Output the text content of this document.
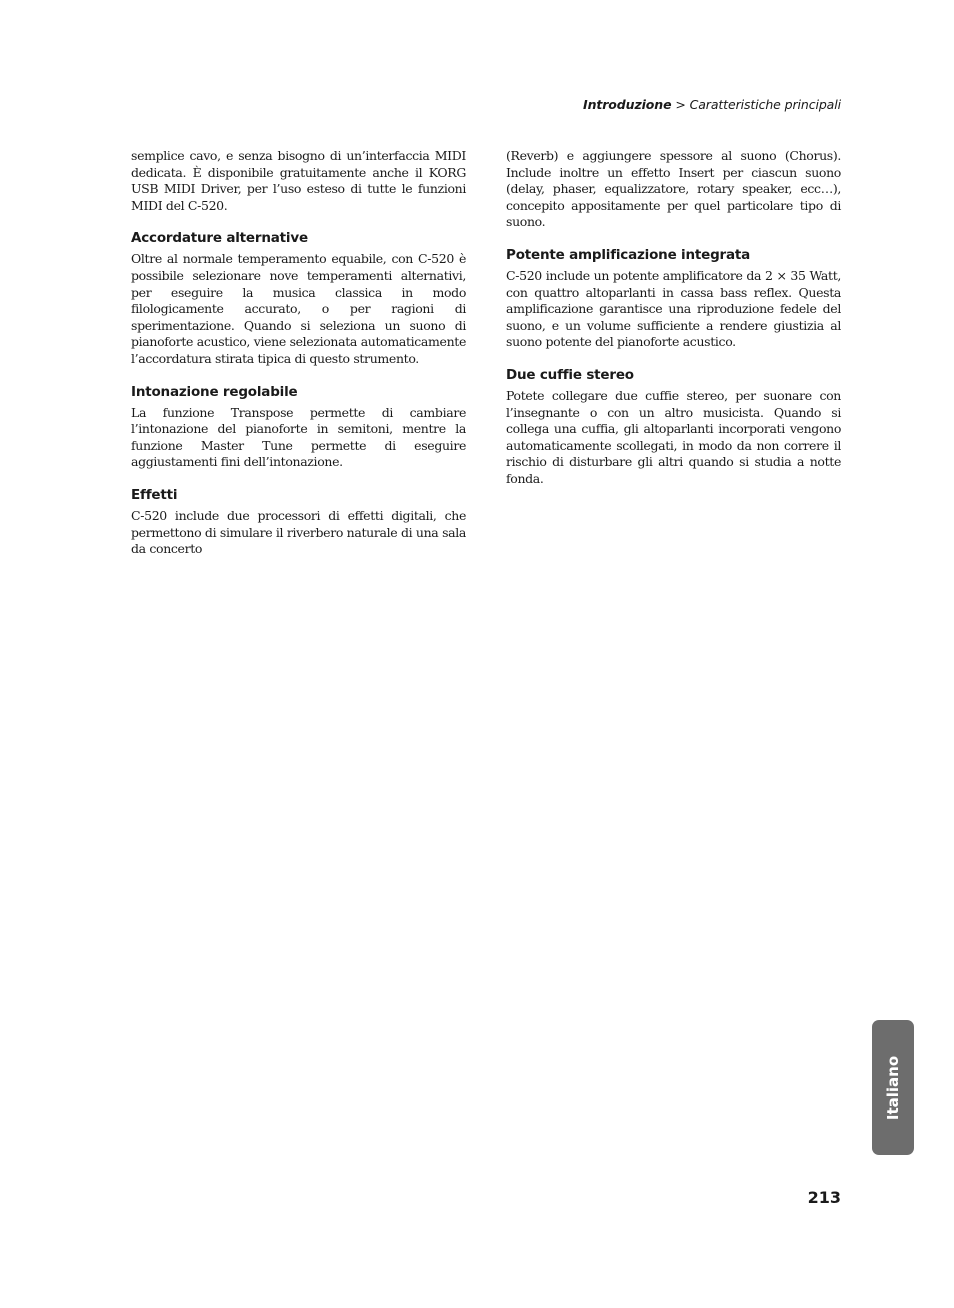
Introduzione > Caratteristiche principali

semplice cavo, e senza bisogno di un’interfaccia MIDI dedicata. È disponibile gratuitamente anche il KORG USB MIDI Driver, per l’uso esteso di tutte le funzioni MIDI del C-520.

Accordature alternative

Oltre al normale temperamento equabile, con C-520 è possibile selezionare nove temperamenti alternativi, per eseguire la musica classica in modo filologicamente accurato, o per ragioni di sperimentazione. Quando si seleziona un suono di pianoforte acustico, viene selezionata automaticamente l’accordatura stirata tipica di questo strumento.

Intonazione regolabile

La funzione Transpose permette di cambiare l’intonazione del pianoforte in semitoni, mentre la funzione Master Tune permette di eseguire aggiustamenti fini dell’intonazione.

Effetti

C-520 include due processori di effetti digitali, che permettono di simulare il riverbero naturale di una sala da concerto

(Reverb) e aggiungere spessore al suono (Chorus). Include inoltre un effetto Insert per ciascun suono (delay, phaser, equalizzatore, rotary speaker, ecc…), concepito appositamente per quel particolare tipo di suono.

Potente amplificazione integrata

C-520 include un potente amplificatore da 2 × 35 Watt, con quattro altoparlanti in cassa bass reflex. Questa amplificazione garantisce una riproduzione fedele del suono, e un volume sufficiente a rendere giustizia al suono potente del pianoforte acustico.

Due cuffie stereo

Potete collegare due cuffie stereo, per suonare con l’insegnante o con un altro musicista. Quando si collega una cuffia, gli altoparlanti incorporati vengono automaticamente scollegati, in modo da non correre il rischio di disturbare gli altri quando si studia a notte fonda.

Italiano
213
